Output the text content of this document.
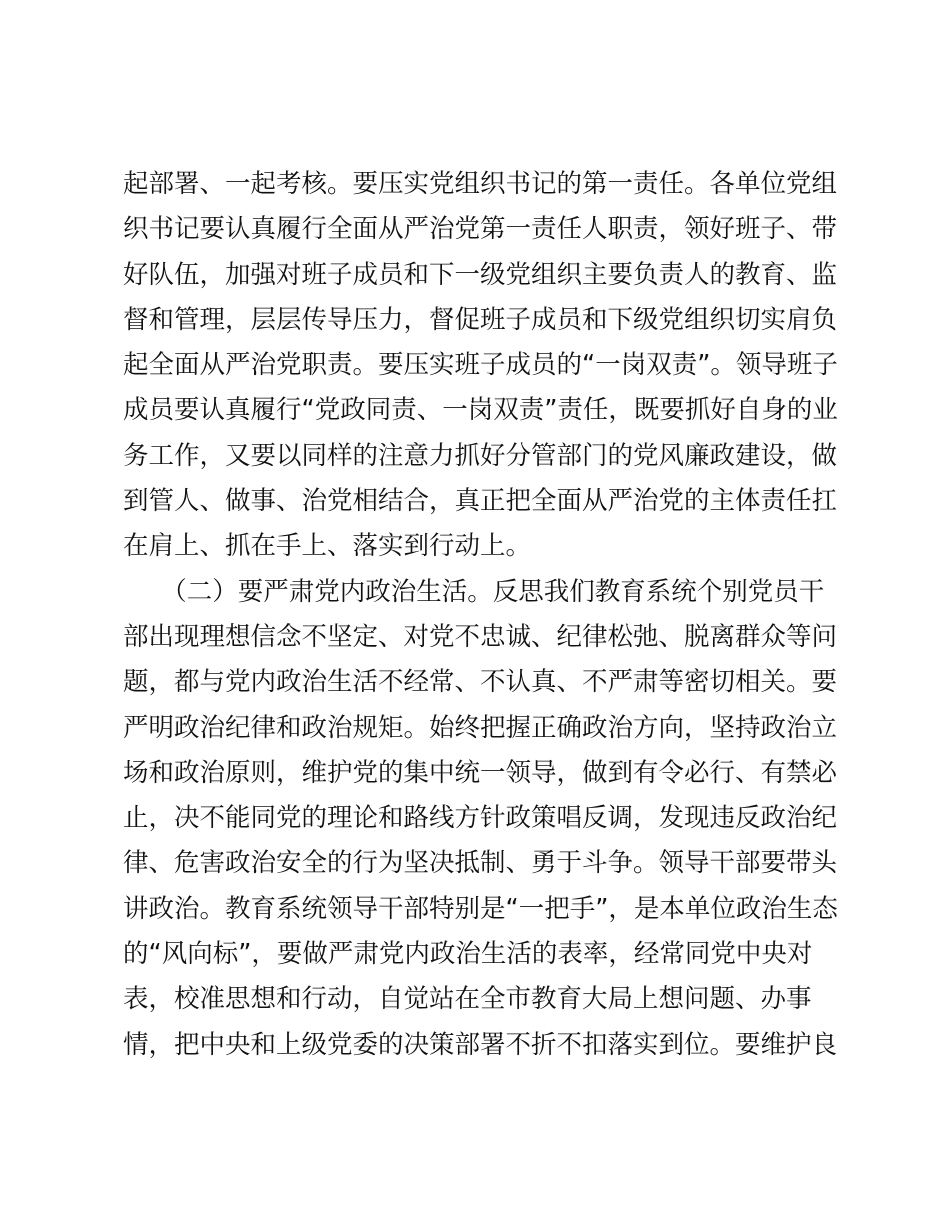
起部署、一起考核。要压实党组织书记的第一责任。各单位党组
织书记要认真履行全面从严治党第一责任人职责，领好班子、带
好队伍，加强对班子成员和下一级党组织主要负责人的教育、监
督和管理，层层传导压力，督促班子成员和下级党组织切实肩负
起全面从严治党职责。要压实班子成员的“一岗双责”。领导班子
成员要认真履行“党政同责、一岗双责”责任，既要抓好自身的业
务工作，又要以同样的注意力抓好分管部门的党风廉政建设，做
到管人、做事、治党相结合，真正把全面从严治党的主体责任扛
在肩上、抓在手上、落实到行动上。
　　（二）要严肃党内政治生活。反思我们教育系统个别党员干
部出现理想信念不坚定、对党不忠诚、纪律松弛、脱离群众等问
题，都与党内政治生活不经常、不认真、不严肃等密切相关。要
严明政治纪律和政治规矩。始终把握正确政治方向，坚持政治立
场和政治原则，维护党的集中统一领导，做到有令必行、有禁必
止，决不能同党的理论和路线方针政策唱反调，发现违反政治纪
律、危害政治安全的行为坚决抵制、勇于斗争。领导干部要带头
讲政治。教育系统领导干部特别是“一把手”，是本单位政治生态
的“风向标”，要做严肃党内政治生活的表率，经常同党中央对
表，校准思想和行动，自觉站在全市教育大局上想问题、办事
情，把中央和上级党委的决策部署不折不扣落实到位。要维护良
